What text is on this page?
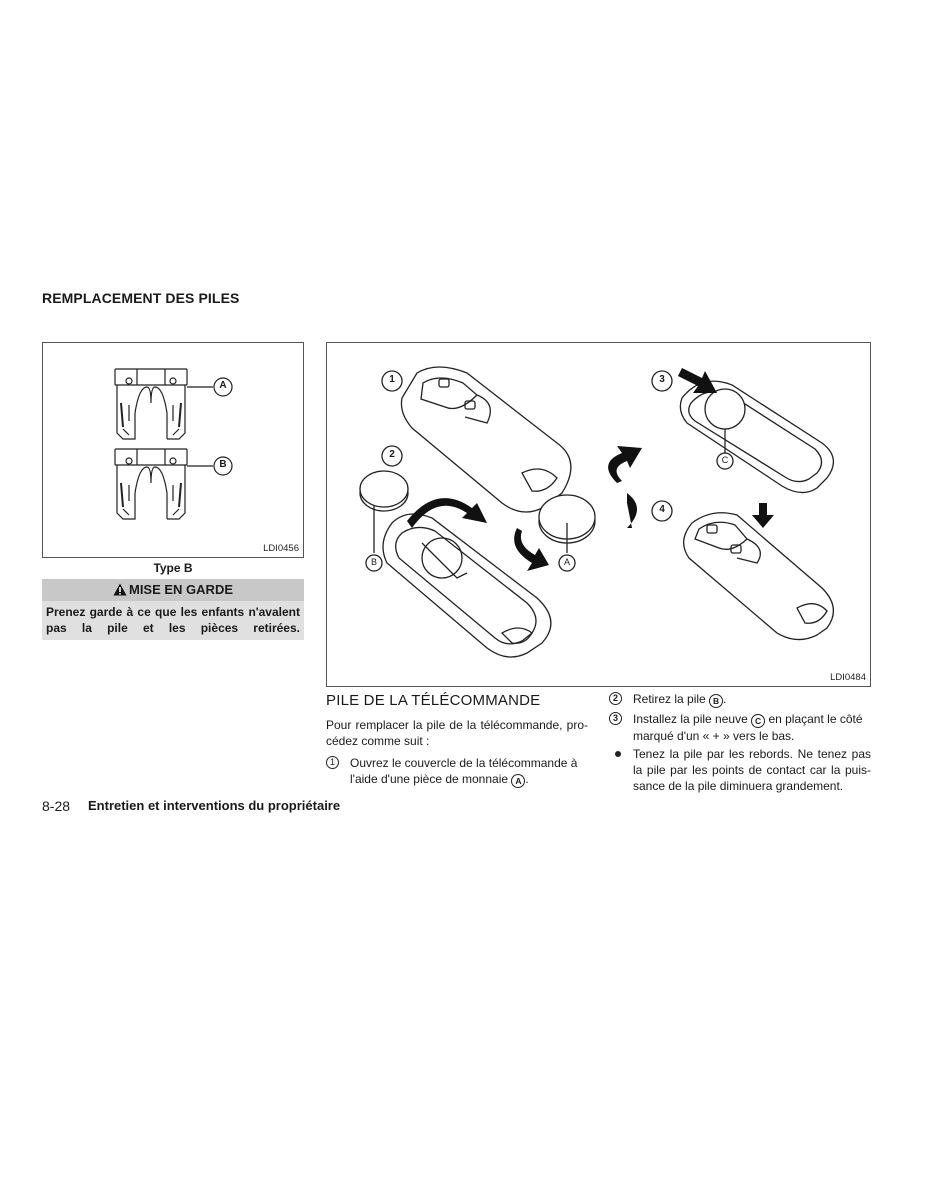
REMPLACEMENT DES PILES
A
B
LDI0456
Type B
MISE EN GARDE
Prenez garde à ce que les enfants n'avalent pas la pile et les pièces retirées.
1
2
3
4
A
B
C
LDI0484
PILE DE LA TÉLÉCOMMANDE
Pour remplacer la pile de la télécommande, pro- cédez comme suit :
1	Ouvrez le couvercle de la télécommande à l'aide d'une pièce de monnaie A .
2	Retirez la pile B .
3	Installez la pile neuve C en plaçant le côté marqué d'un « + » vers le bas.
Tenez la pile par les rebords. Ne tenez pas la pile par les points de contact car la puis- sance de la pile diminuera grandement.
8-28 Entretien et interventions du propriétaire
